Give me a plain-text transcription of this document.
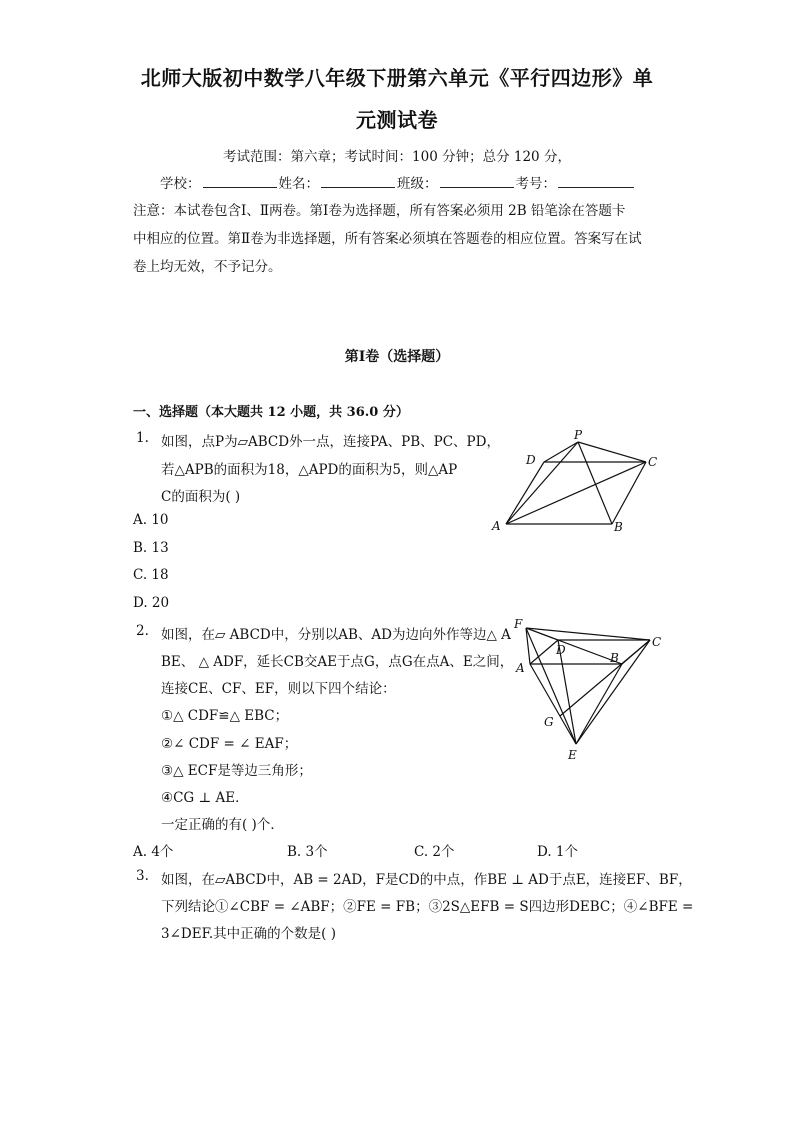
北师大版初中数学八年级下册第六单元《平行四边形》单
元测试卷
考试范围：第六章；考试时间：100 分钟；总分 120 分，
学校：	姓名：	班级：	考号：
注意：本试卷包含Ⅰ、Ⅱ两卷。第Ⅰ卷为选择题，所有答案必须用 2B 铅笔涂在答题卡
中相应的位置。第Ⅱ卷为非选择题，所有答案必须填在答题卷的相应位置。答案写在试
卷上均无效，不予记分。
第Ⅰ卷（选择题）
一、选择题（本大题共 12 小题，共 36.0 分）
1. 如图，点P为▱ABCD外一点，连接PA、PB、PC、PD，
若△APB的面积为18，△APD的面积为5，则△AP
C的面积为( )
A. 10
B. 13
C. 18
D. 20
P
D	C
A	B
2. 如图，在▱ ABCD中，分别以AB、AD为边向外作等边△ A
BE、 △ ADF，延长CB交AE于点G，点G在点A、E之间，
连接CE、CF、EF，则以下四个结论：
①△ CDF≌△ EBC；
②∠ CDF = ∠ EAF；
③△ ECF是等边三角形；
④CG ⊥ AE．
一定正确的有( )个．
A. 4个	B. 3个	C. 2个	D. 1个
F
D
C
A
B
G
E
3. 如图，在▱ABCD中，AB = 2AD，F是CD的中点，作BE ⊥ AD于点E，连接EF、BF，
下列结论①∠CBF = ∠ABF；②FE = FB；③2S△EFB = S四边形DEBC；④∠BFE =
3∠DEF.其中正确的个数是( )
